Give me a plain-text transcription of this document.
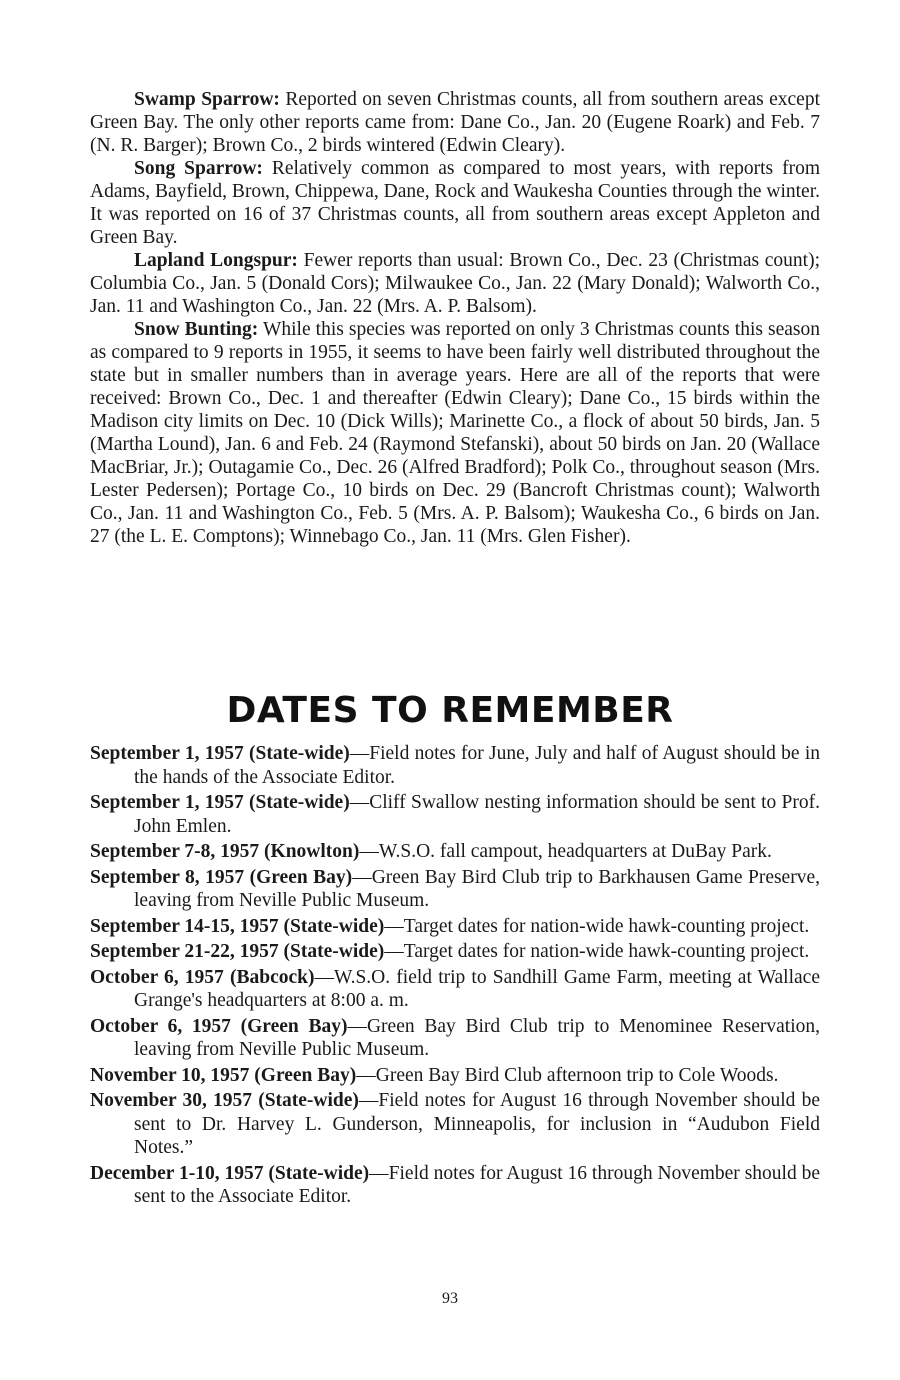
Swamp Sparrow: Reported on seven Christmas counts, all from southern areas except Green Bay. The only other reports came from: Dane Co., Jan. 20 (Eugene Roark) and Feb. 7 (N. R. Barger); Brown Co., 2 birds wintered (Edwin Cleary).

Song Sparrow: Relatively common as compared to most years, with reports from Adams, Bayfield, Brown, Chippewa, Dane, Rock and Waukesha Counties through the winter. It was reported on 16 of 37 Christmas counts, all from southern areas except Appleton and Green Bay.

Lapland Longspur: Fewer reports than usual: Brown Co., Dec. 23 (Christmas count); Columbia Co., Jan. 5 (Donald Cors); Milwaukee Co., Jan. 22 (Mary Donald); Walworth Co., Jan. 11 and Washington Co., Jan. 22 (Mrs. A. P. Balsom).

Snow Bunting: While this species was reported on only 3 Christmas counts this season as compared to 9 reports in 1955, it seems to have been fairly well distributed throughout the state but in smaller numbers than in average years. Here are all of the reports that were received: Brown Co., Dec. 1 and thereafter (Edwin Cleary); Dane Co., 15 birds within the Madison city limits on Dec. 10 (Dick Wills); Marinette Co., a flock of about 50 birds, Jan. 5 (Martha Lound), Jan. 6 and Feb. 24 (Raymond Stefanski), about 50 birds on Jan. 20 (Wallace MacBriar, Jr.); Outagamie Co., Dec. 26 (Alfred Bradford); Polk Co., throughout season (Mrs. Lester Pedersen); Portage Co., 10 birds on Dec. 29 (Bancroft Christmas count); Walworth Co., Jan. 11 and Washington Co., Feb. 5 (Mrs. A. P. Balsom); Waukesha Co., 6 birds on Jan. 27 (the L. E. Comptons); Winnebago Co., Jan. 11 (Mrs. Glen Fisher).

DATES TO REMEMBER

September 1, 1957 (State-wide)—Field notes for June, July and half of August should be in the hands of the Associate Editor.

September 1, 1957 (State-wide)—Cliff Swallow nesting information should be sent to Prof. John Emlen.

September 7-8, 1957 (Knowlton)—W.S.O. fall campout, headquarters at DuBay Park.

September 8, 1957 (Green Bay)—Green Bay Bird Club trip to Barkhausen Game Preserve, leaving from Neville Public Museum.

September 14-15, 1957 (State-wide)—Target dates for nation-wide hawk-counting project.

September 21-22, 1957 (State-wide)—Target dates for nation-wide hawk-counting project.

October 6, 1957 (Babcock)—W.S.O. field trip to Sandhill Game Farm, meeting at Wallace Grange's headquarters at 8:00 a. m.

October 6, 1957 (Green Bay)—Green Bay Bird Club trip to Menominee Reservation, leaving from Neville Public Museum.

November 10, 1957 (Green Bay)—Green Bay Bird Club afternoon trip to Cole Woods.

November 30, 1957 (State-wide)—Field notes for August 16 through November should be sent to Dr. Harvey L. Gunderson, Minneapolis, for inclusion in “Audubon Field Notes.”

December 1-10, 1957 (State-wide)—Field notes for August 16 through November should be sent to the Associate Editor.

93
